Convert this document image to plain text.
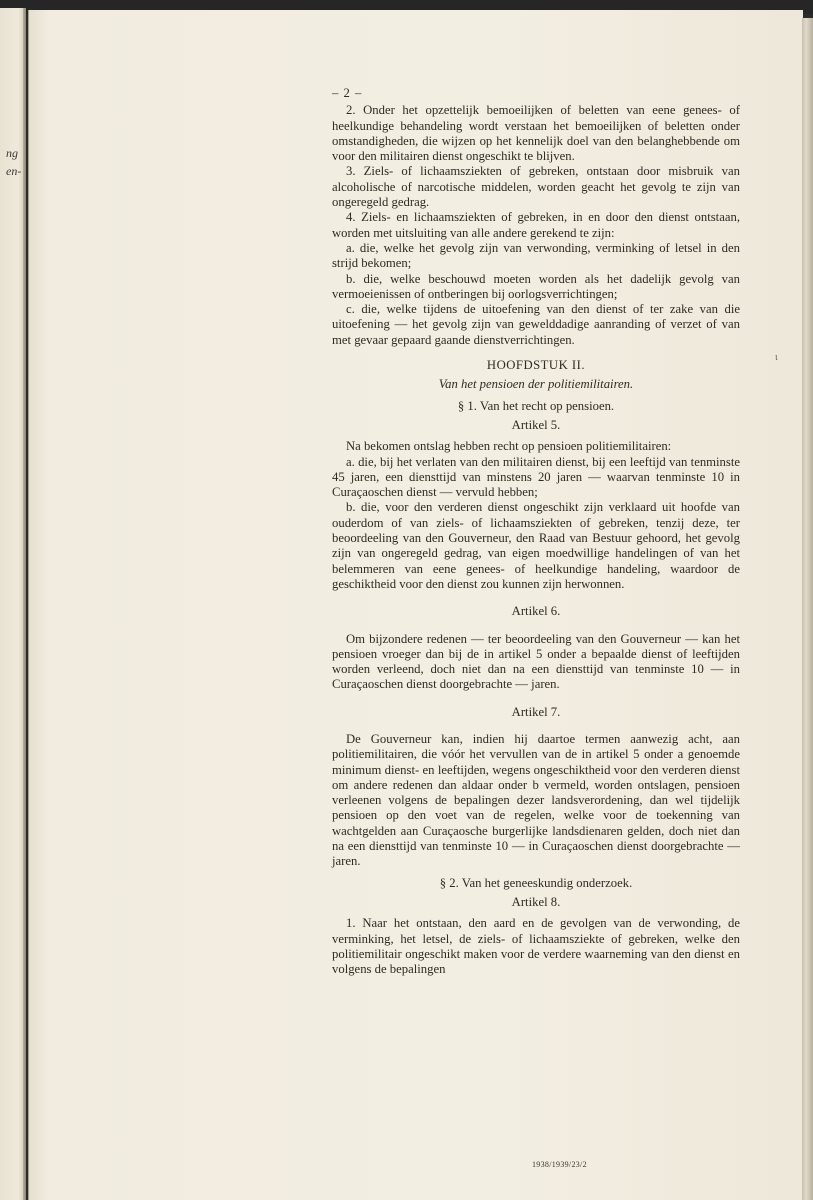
ng
en-

– 2 –

2. Onder het opzettelijk bemoeilijken of beletten van eene genees- of heelkundige behandeling wordt verstaan het bemoeilijken of beletten onder omstandigheden, die wijzen op het kennelijk doel van den belanghebbende om voor den militairen dienst ongeschikt te blijven.

3. Ziels- of lichaamsziekten of gebreken, ontstaan door misbruik van alcoholische of narcotische middelen, worden geacht het gevolg te zijn van ongeregeld gedrag.

4. Ziels- en lichaamsziekten of gebreken, in en door den dienst ontstaan, worden met uitsluiting van alle andere gerekend te zijn:

a. die, welke het gevolg zijn van verwonding, verminking of letsel in den strijd bekomen;

b. die, welke beschouwd moeten worden als het dadelijk gevolg van vermoeienissen of ontberingen bij oorlogsverrichtingen;

c. die, welke tijdens de uitoefening van den dienst of ter zake van die uitoefening — het gevolg zijn van gewelddadige aanranding of verzet of van met gevaar gepaard gaande dienstverrichtingen.

HOOFDSTUK II.

Van het pensioen der politiemilitairen.

§ 1. Van het recht op pensioen.

Artikel 5.

Na bekomen ontslag hebben recht op pensioen politiemilitairen:

a. die, bij het verlaten van den militairen dienst, bij een leeftijd van tenminste 45 jaren, een diensttijd van minstens 20 jaren — waarvan tenminste 10 in Curaçaoschen dienst — vervuld hebben;

b. die, voor den verderen dienst ongeschikt zijn verklaard uit hoofde van ouderdom of van ziels- of lichaamsziekten of gebreken, tenzij deze, ter beoordeeling van den Gouverneur, den Raad van Bestuur gehoord, het gevolg zijn van ongeregeld gedrag, van eigen moedwillige handelingen of van het belemmeren van eene genees- of heelkundige handeling, waardoor de geschiktheid voor den dienst zou kunnen zijn herwonnen.

Artikel 6.

Om bijzondere redenen — ter beoordeeling van den Gouverneur — kan het pensioen vroeger dan bij de in artikel 5 onder a bepaalde dienst of leeftijden worden verleend, doch niet dan na een diensttijd van tenminste 10 — in Curaçaoschen dienst doorgebrachte — jaren.

Artikel 7.

De Gouverneur kan, indien hij daartoe termen aanwezig acht, aan politiemilitairen, die vóór het vervullen van de in artikel 5 onder a genoemde minimum dienst- en leeftijden, wegens ongeschiktheid voor den verderen dienst om andere redenen dan aldaar onder b vermeld, worden ontslagen, pensioen verleenen volgens de bepalingen dezer landsverordening, dan wel tijdelijk pensioen op den voet van de regelen, welke voor de toekenning van wachtgelden aan Curaçaosche burgerlijke landsdienaren gelden, doch niet dan na een diensttijd van tenminste 10 — in Curaçaoschen dienst doorgebrachte — jaren.

§ 2. Van het geneeskundig onderzoek.

Artikel 8.

1. Naar het ontstaan, den aard en de gevolgen van de verwonding, de verminking, het letsel, de ziels- of lichaamsziekte of gebreken, welke den politiemilitair ongeschikt maken voor de verdere waarneming van den dienst en volgens de bepalingen

ι
1938/1939/23/2
